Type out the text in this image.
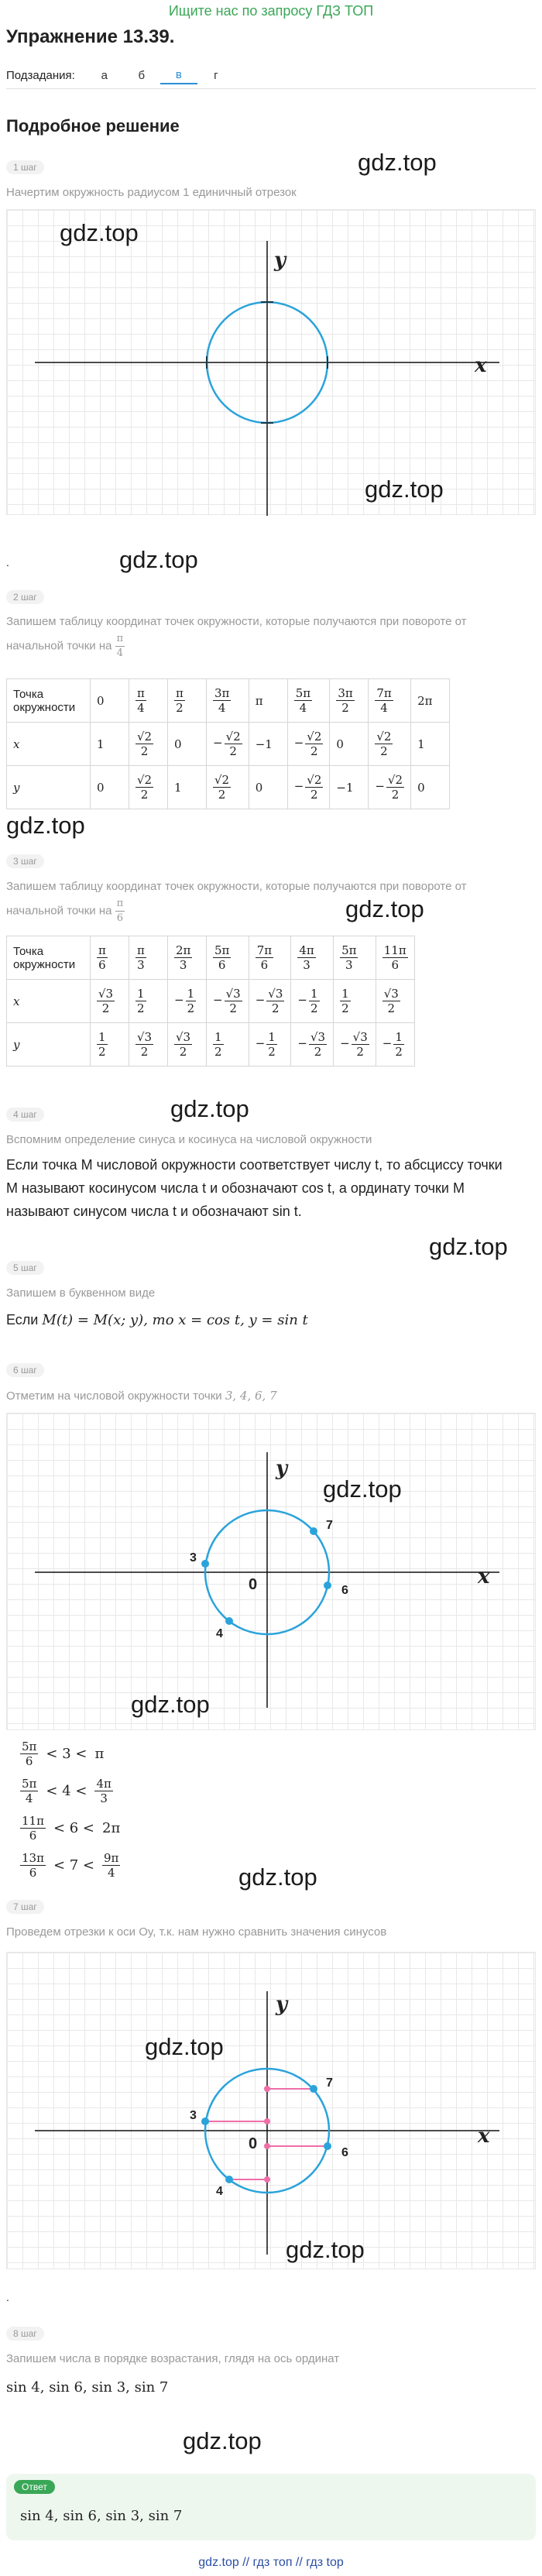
Ищите нас по запросу ГДЗ ТОП
Упражнение 13.39.
Подзадания:	а	б	в	г
Подробное решение
1 шаг
Начертим окружность радиусом 1 единичный отрезок
y
x
gdz.top
gdz.top
gdz.top
.	gdz.top
2 шаг
Запишем таблицу координат точек окружности, которые получаются при повороте от начальной точки на $\frac{\pi}{4}$
Точка окружности	0	$\frac{\pi}{4}$	$\frac{\pi}{2}$	$\frac{3\pi}{4}$	π	$\frac{5\pi}{4}$	$\frac{3\pi}{2}$	$\frac{7\pi}{4}$	2π
x	1	$\frac{√2}{2}$	0	− $\frac{√2}{2}$	−1	− $\frac{√2}{2}$	0	$\frac{√2}{2}$	1
y	0	$\frac{√2}{2}$	1	$\frac{√2}{2}$	0	− $\frac{√2}{2}$	−1	− $\frac{√2}{2}$	0
gdz.top
3 шаг
Запишем таблицу координат точек окружности, которые получаются при повороте от начальной точки на $\frac{\pi}{6}$	gdz.top
Точка окружности	$\frac{\pi}{6}$	$\frac{\pi}{3}$	$\frac{2\pi}{3}$	$\frac{5\pi}{6}$	$\frac{7\pi}{6}$	$\frac{4\pi}{3}$	$\frac{5\pi}{3}$	$\frac{11\pi}{6}$

x	$\frac{√3}{2}$	$\frac{1}{2}$	− $\frac{1}{2}$	− $\frac{√3}{2}$	− $\frac{√3}{2}$	− $\frac{1}{2}$	$\frac{1}{2}$	$\frac{√3}{2}$

y	$\frac{1}{2}$	$\frac{√3}{2}$	$\frac{√3}{2}$	$\frac{1}{2}$	− $\frac{1}{2}$	− $\frac{√3}{2}$	− $\frac{√3}{2}$	− $\frac{1}{2}$
gdz.top
4 шаг
Вспомним определение синуса и косинуса на числовой окружности
Если точка M числовой окружности соответствует числу t, то абсциссу точки
M называют косинусом числа t и обозначают cos t, а ординату точки M
называют синусом числа t и обозначают sin t.
gdz.top
5 шаг
Запишем в буквенном виде
Если M(t) = M(x; y), то x = cos t, y = sin t
6 шаг
Отметим на числовой окружности точки 3, 4, 6, 7
y
x
0
3
4
6
7
gdz.top
gdz.top
$\frac{5\pi}{6} < 3 < \pi$
$\frac{5\pi}{4} < 4 < \frac{4\pi}{3}$
$\frac{11\pi}{6} < 6 < 2\pi$
$\frac{13\pi}{6} < 7 < \frac{9\pi}{4}$	gdz.top
7 шаг
Проведем отрезки к оси Oy, т.к. нам нужно сравнить значения синусов
y
x
0
3
4
6
7
gdz.top
gdz.top
.
8 шаг
Запишем числа в порядке возрастания, глядя на ось ординат
sin 4, sin 6, sin 3, sin 7
gdz.top
Ответ
sin 4, sin 6, sin 3, sin 7
gdz.top // гдз топ // гдз top
